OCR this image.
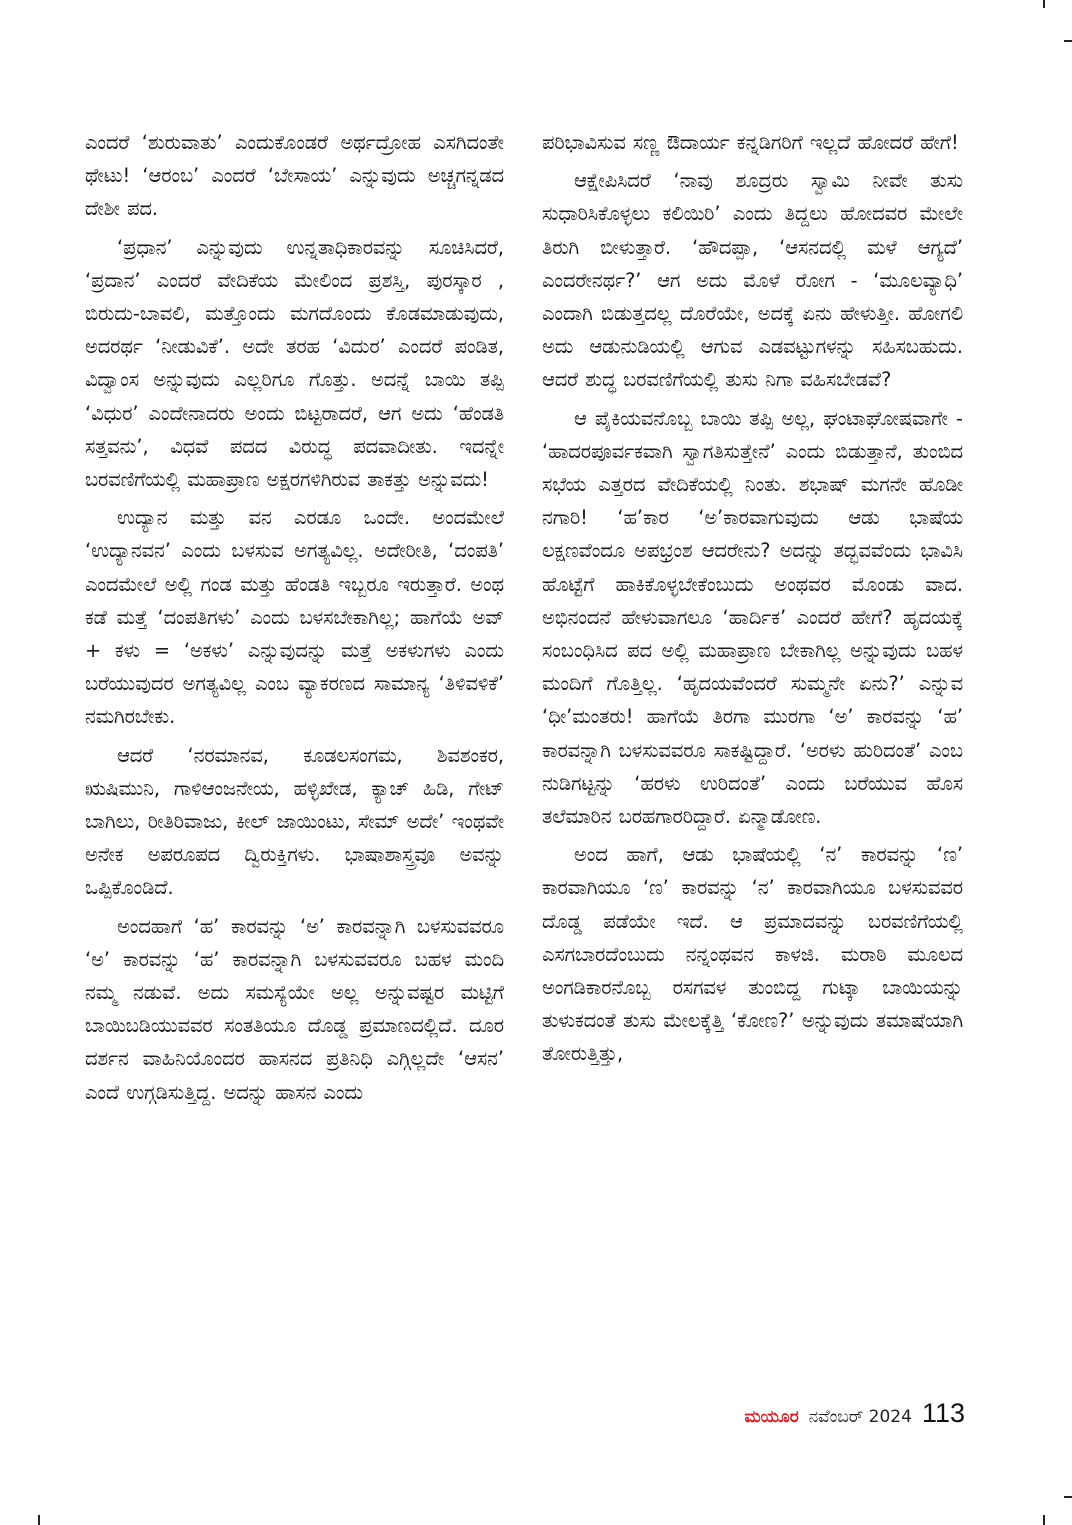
ಎಂದರೆ ‘ಶುರುವಾತು’ ಎಂದುಕೊಂಡರೆ ಅರ್ಥದ್ರೋಹ ಎಸಗಿದಂತೇ ಥೇಟು! ‘ಆರಂಬ’ ಎಂದರೆ ‘ಬೇಸಾಯ’ ಎನ್ನುವುದು ಅಚ್ಚಗನ್ನಡದ ದೇಶೀ ಪದ.

‘ಪ್ರಧಾನ’ ಎನ್ನುವುದು ಉನ್ನತಾಧಿಕಾರವನ್ನು ಸೂಚಿಸಿದರೆ, ‘ಪ್ರದಾನ’ ಎಂದರೆ ವೇದಿಕೆಯ ಮೇಲಿಂದ ಪ್ರಶಸ್ತಿ, ಪುರಸ್ಕಾರ , ಬಿರುದು-ಬಾವಲಿ, ಮತ್ತೊಂದು ಮಗದೊಂದು ಕೊಡಮಾಡುವುದು, ಅದರರ್ಥ ‘ನೀಡುವಿಕೆ’. ಅದೇ ತರಹ ‘ವಿದುರ’ ಎಂದರೆ ಪಂಡಿತ, ವಿದ್ವಾಂಸ ಅನ್ನುವುದು ಎಲ್ಲರಿಗೂ ಗೊತ್ತು. ಅದನ್ನೆ ಬಾಯಿ ತಪ್ಪಿ ‘ವಿಧುರ’ ಎಂದೇನಾದರು ಅಂದು ಬಿಟ್ಟರಾದರೆ, ಆಗ ಅದು ‘ಹೆಂಡತಿ ಸತ್ತವನು’, ವಿಧವೆ ಪದದ ವಿರುದ್ಧ ಪದವಾದೀತು. ಇದನ್ನೇ ಬರವಣಿಗೆಯಲ್ಲಿ ಮಹಾಪ್ರಾಣ ಅಕ್ಷರಗಳಿಗಿರುವ ತಾಕತ್ತು ಅನ್ನುವದು!

ಉದ್ಯಾನ ಮತ್ತು ವನ ಎರಡೂ ಒಂದೇ. ಅಂದಮೇಲೆ ‘ಉದ್ಯಾನವನ’ ಎಂದು ಬಳಸುವ ಅಗತ್ಯವಿಲ್ಲ. ಅದೇರೀತಿ, ‘ದಂಪತಿ’ ಎಂದಮೇಲೆ ಅಲ್ಲಿ ಗಂಡ ಮತ್ತು ಹೆಂಡತಿ ಇಬ್ಬರೂ ಇರುತ್ತಾರೆ. ಅಂಥ ಕಡೆ ಮತ್ತೆ ‘ದಂಪತಿಗಳು’ ಎಂದು ಬಳಸಬೇಕಾಗಿಲ್ಲ; ಹಾಗೆಯೆ ಅವ್ + ಕಳು = ‘ಅಕಳು’ ಎನ್ನುವುದನ್ನು ಮತ್ತೆ ಅಕಳುಗಳು ಎಂದು ಬರೆಯುವುದರ ಅಗತ್ಯವಿಲ್ಲ ಎಂಬ ವ್ಯಾಕರಣದ ಸಾಮಾನ್ಯ ‘ತಿಳಿವಳಿಕೆ’ ನಮಗಿರಬೇಕು.

ಆದರೆ ‘ನರಮಾನವ, ಕೂಡಲಸಂಗಮ, ಶಿವಶಂಕರ, ಋಷಿಮುನಿ, ಗಾಳಿಆಂಜನೇಯ, ಹಳ್ಳಿಖೇಡ, ಕ್ಯಾಚ್ ಹಿಡಿ, ಗೇಟ್ ಬಾಗಿಲು, ರೀತಿರಿವಾಜು, ಕೀಲ್ ಜಾಯಿಂಟು, ಸೇಮ್ ಅದೇ’ ಇಂಥವೇ ಅನೇಕ ಅಪರೂಪದ ದ್ವಿರುಕ್ತಿಗಳು. ಭಾಷಾಶಾಸ್ತ್ರವೂ ಅವನ್ನು ಒಪ್ಪಿಕೊಂಡಿದೆ.

ಅಂದಹಾಗೆ ‘ಹ’ ಕಾರವನ್ನು ‘ಅ’ ಕಾರವನ್ನಾಗಿ ಬಳಸುವವರೂ ‘ಅ’ ಕಾರವನ್ನು ‘ಹ’ ಕಾರವನ್ನಾಗಿ ಬಳಸುವವರೂ ಬಹಳ ಮಂದಿ ನಮ್ಮ ನಡುವೆ. ಅದು ಸಮಸ್ಯೆಯೇ ಅಲ್ಲ ಅನ್ನುವಷ್ಟರ ಮಟ್ಟಿಗೆ ಬಾಯಿಬಡಿಯುವವರ ಸಂತತಿಯೂ ದೊಡ್ಡ ಪ್ರಮಾಣದಲ್ಲಿದೆ. ದೂರ ದರ್ಶನ ವಾಹಿನಿಯೊಂದರ ಹಾಸನದ ಪ್ರತಿನಿಧಿ ಎಗ್ಗಿಲ್ಲದೇ ‘ಆಸನ’ ಎಂದೆ ಉಗ್ಗಡಿಸುತ್ತಿದ್ದ. ಅದನ್ನು ಹಾಸನ ಎಂದು

ಪರಿಭಾವಿಸುವ ಸಣ್ಣ ಔದಾರ್ಯ ಕನ್ನಡಿಗರಿಗೆ ಇಲ್ಲದೆ ಹೋದರೆ ಹೇಗೆ!

ಆಕ್ಷೇಪಿಸಿದರೆ ‘ನಾವು ಶೂದ್ರರು ಸ್ವಾಮಿ ನೀವೇ ತುಸು ಸುಧಾರಿಸಿಕೊಳ್ಳಲು ಕಲಿಯಿರಿ’ ಎಂದು ತಿದ್ದಲು ಹೋದವರ ಮೇಲೇ ತಿರುಗಿ ಬೀಳುತ್ತಾರೆ. ‘ಹೌದಪ್ಪಾ, ‘ಆಸನದಲ್ಲಿ ಮಳೆ ಆಗ್ಯದೆ’ ಎಂದರೇನರ್ಥ?’ ಆಗ ಅದು ಮೊಳೆ ರೋಗ - ‘ಮೂಲವ್ಯಾಧಿ’ ಎಂದಾಗಿ ಬಿಡುತ್ತದಲ್ಲ ದೊರೆಯೇ, ಅದಕ್ಕೆ ಏನು ಹೇಳುತ್ತೀ. ಹೋಗಲಿ ಅದು ಆಡುನುಡಿಯಲ್ಲಿ ಆಗುವ ಎಡವಟ್ಟುಗಳನ್ನು ಸಹಿಸಬಹುದು. ಆದರೆ ಶುದ್ಧ ಬರವಣಿಗೆಯಲ್ಲಿ ತುಸು ನಿಗಾ ವಹಿಸಬೇಡವೆ?

ಆ ಪೈಕಿಯವನೊಬ್ಬ ಬಾಯಿ ತಪ್ಪಿ ಅಲ್ಲ, ಘಂಟಾಘೋಷವಾಗೇ - ‘ಹಾದರಪೂರ್ವಕವಾಗಿ ಸ್ವಾಗತಿಸುತ್ತೇನೆ’ ಎಂದು ಬಿಡುತ್ತಾನೆ, ತುಂಬಿದ ಸಭೆಯ ಎತ್ತರದ ವೇದಿಕೆಯಲ್ಲಿ ನಿಂತು. ಶಭಾಷ್ ಮಗನೇ ಹೊಡೀ ನಗಾರಿ! ‘ಹ’ಕಾರ ‘ಅ’ಕಾರವಾಗುವುದು ಆಡು ಭಾಷೆಯ ಲಕ್ಷಣವೆಂದೂ ಅಪಭ್ರಂಶ ಆದರೇನು? ಅದನ್ನು ತದ್ಭವವೆಂದು ಭಾವಿಸಿ ಹೊಟ್ಟೆಗೆ ಹಾಕಿಕೊಳ್ಳಬೇಕೆಂಬುದು ಅಂಥವರ ಮೊಂಡು ವಾದ. ಅಭಿನಂದನೆ ಹೇಳುವಾಗಲೂ ‘ಹಾರ್ದಿಕ’ ಎಂದರೆ ಹೇಗೆ? ಹೃದಯಕ್ಕೆ ಸಂಬಂಧಿಸಿದ ಪದ ಅಲ್ಲಿ ಮಹಾಪ್ರಾಣ ಬೇಕಾಗಿಲ್ಲ ಅನ್ನುವುದು ಬಹಳ ಮಂದಿಗೆ ಗೊತ್ತಿಲ್ಲ. ‘ಹೃದಯವೆಂದರೆ ಸುಮ್ಮನೇ ಏನು?’ ಎನ್ನುವ ‘ಧೀ’ಮಂತರು! ಹಾಗೆಯೆ ತಿರಗಾ ಮುರಗಾ ‘ಅ’ ಕಾರವನ್ನು ‘ಹ’ ಕಾರವನ್ನಾಗಿ ಬಳಸುವವರೂ ಸಾಕಷ್ಟಿದ್ದಾರೆ. ‘ಅರಳು ಹುರಿದಂತೆ’ ಎಂಬ ನುಡಿಗಟ್ಟನ್ನು ‘ಹರಳು ಉರಿದಂತೆ’ ಎಂದು ಬರೆಯುವ ಹೊಸ ತಲೆಮಾರಿನ ಬರಹಗಾರರಿದ್ದಾರೆ. ಏನ್ಮಾಡೋಣ.

ಅಂದ ಹಾಗೆ, ಆಡು ಭಾಷೆಯಲ್ಲಿ ‘ನ’ ಕಾರವನ್ನು ‘ಣ’ ಕಾರವಾಗಿಯೂ ‘ಣ’ ಕಾರವನ್ನು ‘ನ’ ಕಾರವಾಗಿಯೂ ಬಳಸುವವರ ದೊಡ್ಡ ಪಡೆಯೇ ಇದೆ. ಆ ಪ್ರಮಾದವನ್ನು ಬರವಣಿಗೆಯಲ್ಲಿ ಎಸಗಬಾರದೆಂಬುದು ನನ್ನಂಥವನ ಕಾಳಜಿ. ಮರಾಠಿ ಮೂಲದ ಅಂಗಡಿಕಾರನೊಬ್ಬ ರಸಗವಳ ತುಂಬಿದ್ದ ಗುಟ್ಕಾ ಬಾಯಿಯನ್ನು ತುಳುಕದಂತೆ ತುಸು ಮೇಲಕ್ಕೆತ್ತಿ ‘ಕೋಣ?’ ಅನ್ನುವುದು ತಮಾಷೆಯಾಗಿ ತೋರುತ್ತಿತ್ತು,

ಮಯೂರ ನವೆಂಬರ್ 2024 113
